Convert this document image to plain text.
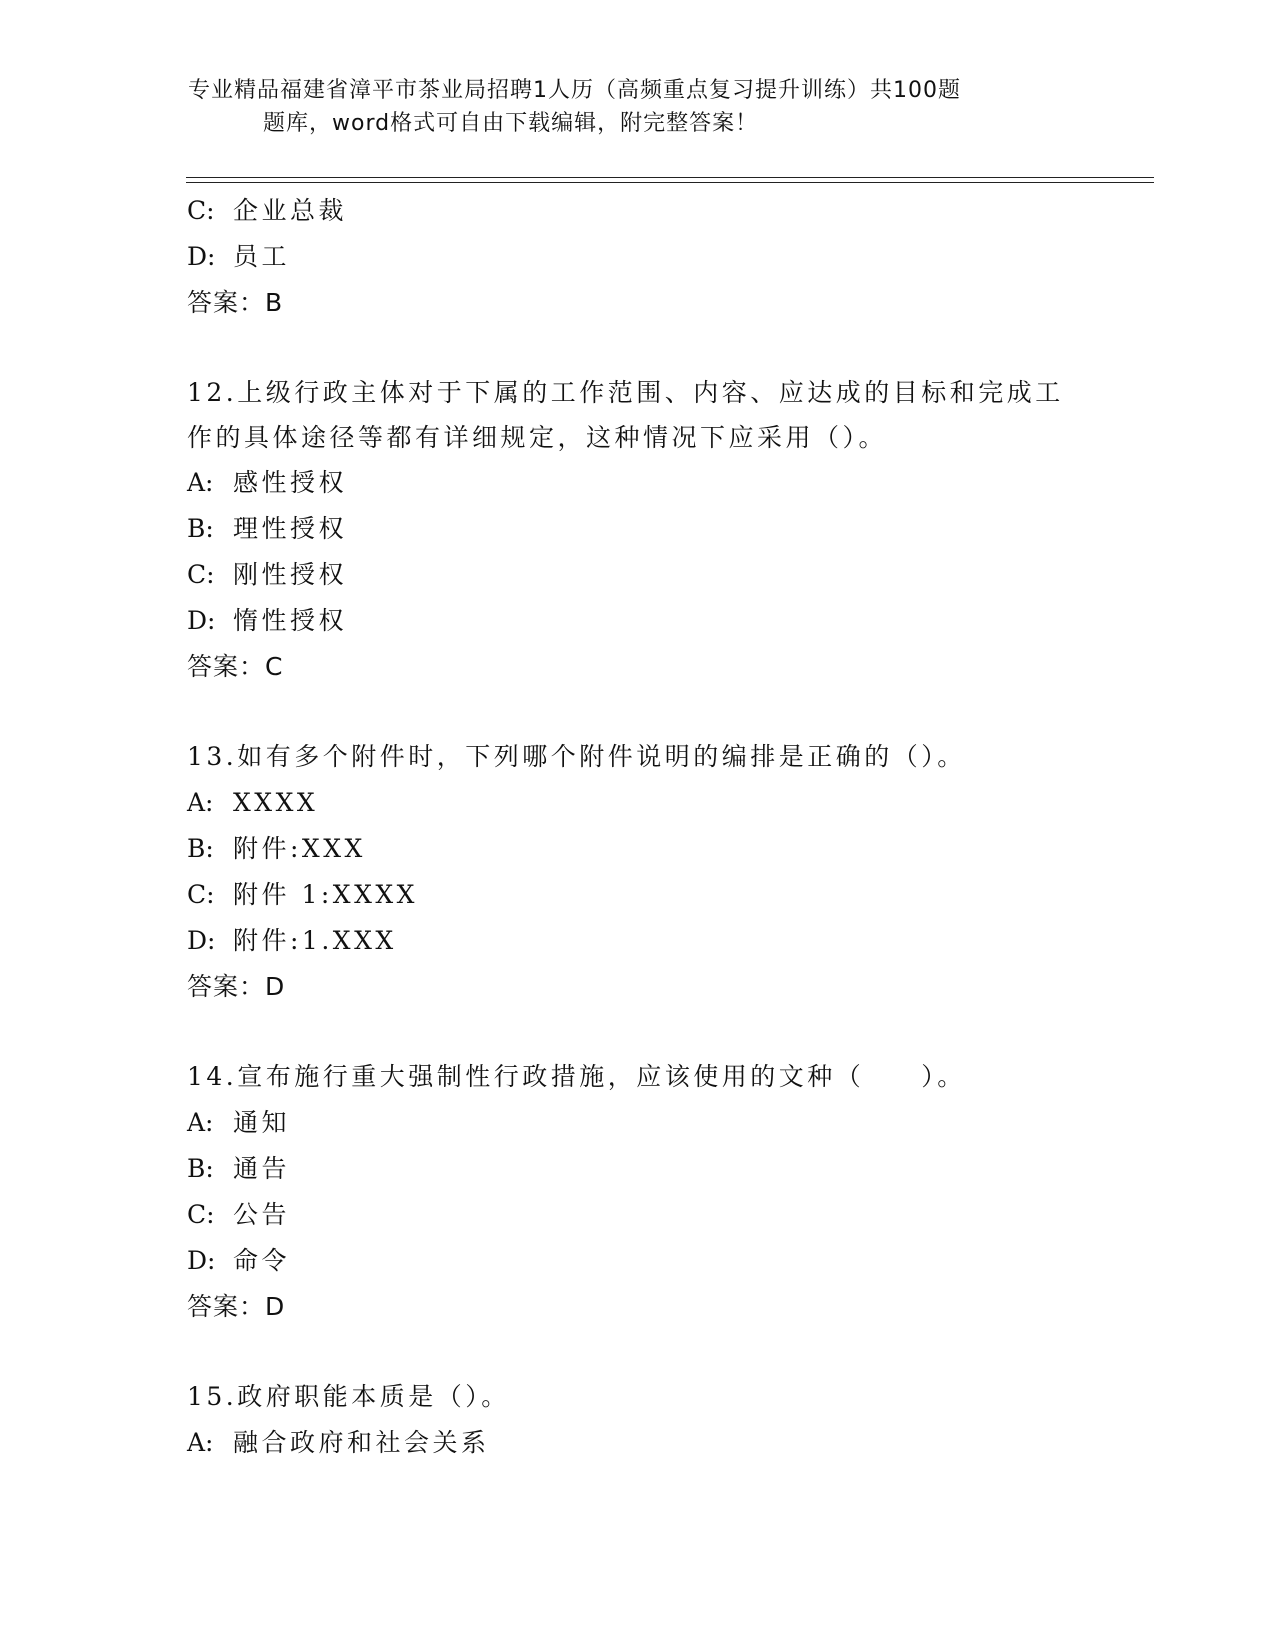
专业精品福建省漳平市茶业局招聘1人历（高频重点复习提升训练）共100题
题库，word格式可自由下载编辑，附完整答案！
C: 企业总裁
D: 员工
答案：B
12.上级行政主体对于下属的工作范围、内容、应达成的目标和完成工作的具体途径等都有详细规定，这种情况下应采用（）。
A: 感性授权
B: 理性授权
C: 刚性授权
D: 惰性授权
答案：C
13.如有多个附件时，下列哪个附件说明的编排是正确的（）。
A: XXXX
B: 附件:XXX
C: 附件 1:XXXX
D: 附件:1.XXX
答案：D
14.宣布施行重大强制性行政措施，应该使用的文种（　　）。
A: 通知
B: 通告
C: 公告
D: 命令
答案：D
15.政府职能本质是（）。
A: 融合政府和社会关系
